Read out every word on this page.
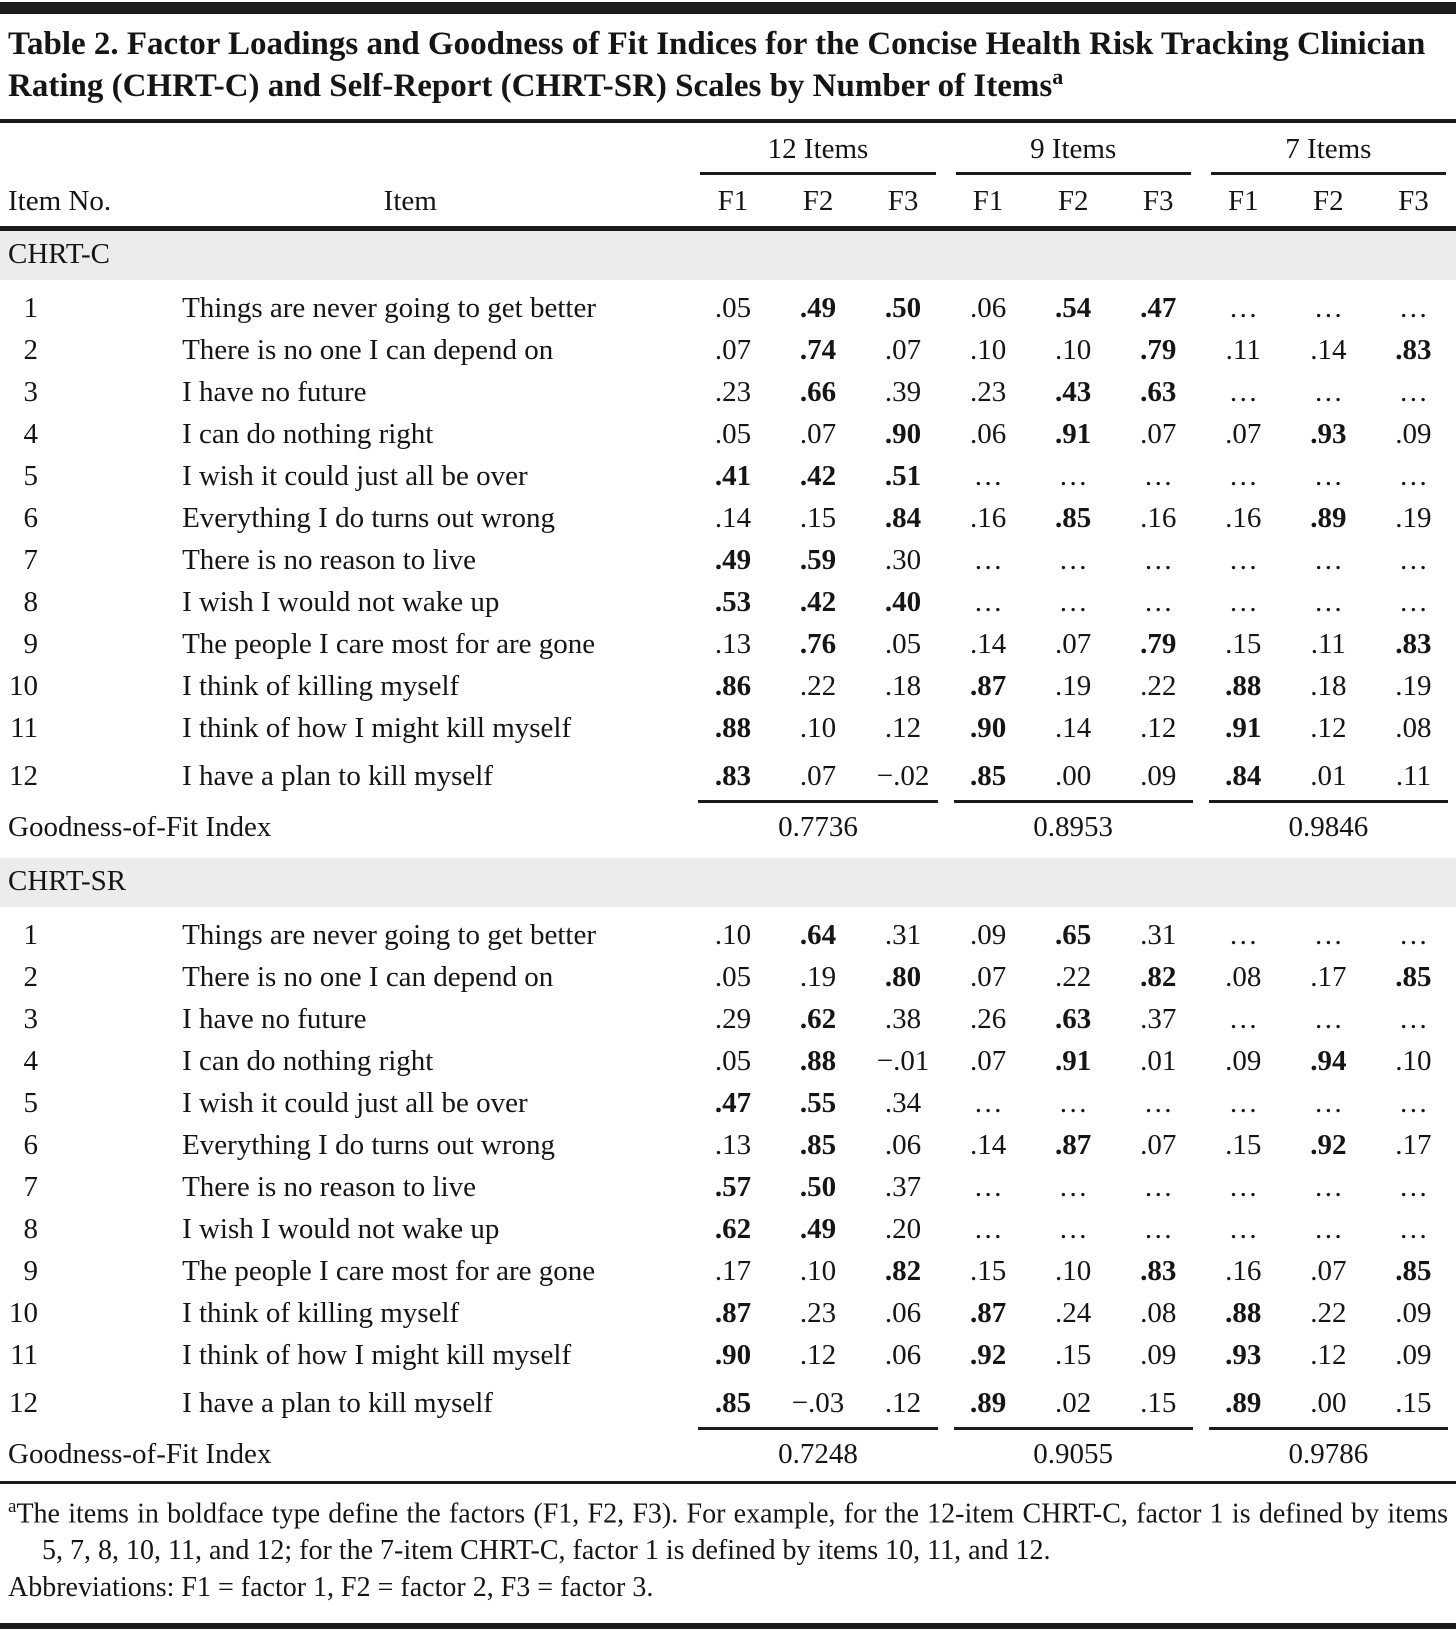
Table 2. Factor Loadings and Goodness of Fit Indices for the Concise Health Risk Tracking Clinician Rating (CHRT-C) and Self-Report (CHRT-SR) Scales by Number of Items$^a$

		12 Items			9 Items			7 Items		

Item No.	Item	F1	F2	F3	F1	F2	F3	F1	F2	F3
CHRT-C										
1	Things are never going to get better	.05	.49	.50	.06	.54	.47	…	…	…
2	There is no one I can depend on	.07	.74	.07	.10	.10	.79	.11	.14	.83
3	I have no future	.23	.66	.39	.23	.43	.63	…	…	…
4	I can do nothing right	.05	.07	.90	.06	.91	.07	.07	.93	.09
5	I wish it could just all be over	.41	.42	.51	…	…	…	…	…	…
6	Everything I do turns out wrong	.14	.15	.84	.16	.85	.16	.16	.89	.19
7	There is no reason to live	.49	.59	.30	…	…	…	…	…	…
8	I wish I would not wake up	.53	.42	.40	…	…	…	…	…	…
9	The people I care most for are gone	.13	.76	.05	.14	.07	.79	.15	.11	.83
10	I think of killing myself	.86	.22	.18	.87	.19	.22	.88	.18	.19
11	I think of how I might kill myself	.88	.10	.12	.90	.14	.12	.91	.12	.08
12	I have a plan to kill myself	.83	.07	−.02	.85	.00	.09	.84	.01	.11

Goodness-of-Fit Index		0.7736			0.8953			0.9846		
CHRT-SR										
1	Things are never going to get better	.10	.64	.31	.09	.65	.31	…	…	…
2	There is no one I can depend on	.05	.19	.80	.07	.22	.82	.08	.17	.85
3	I have no future	.29	.62	.38	.26	.63	.37	…	…	…
4	I can do nothing right	.05	.88	−.01	.07	.91	.01	.09	.94	.10
5	I wish it could just all be over	.47	.55	.34	…	…	…	…	…	…
6	Everything I do turns out wrong	.13	.85	.06	.14	.87	.07	.15	.92	.17
7	There is no reason to live	.57	.50	.37	…	…	…	…	…	…
8	I wish I would not wake up	.62	.49	.20	…	…	…	…	…	…
9	The people I care most for are gone	.17	.10	.82	.15	.10	.83	.16	.07	.85
10	I think of killing myself	.87	.23	.06	.87	.24	.08	.88	.22	.09
11	I think of how I might kill myself	.90	.12	.06	.92	.15	.09	.93	.12	.09
12	I have a plan to kill myself	.85	−.03	.12	.89	.02	.15	.89	.00	.15

Goodness-of-Fit Index		0.7248			0.9055			0.9786		

$^a$The items in boldface type define the factors (F1, F2, F3). For example, for the 12-item CHRT-C, factor 1 is defined by items 5, 7, 8, 10, 11, and 12; for the 7-item CHRT-C, factor 1 is defined by items 10, 11, and 12.

Abbreviations: F1 = factor 1, F2 = factor 2, F3 = factor 3.
